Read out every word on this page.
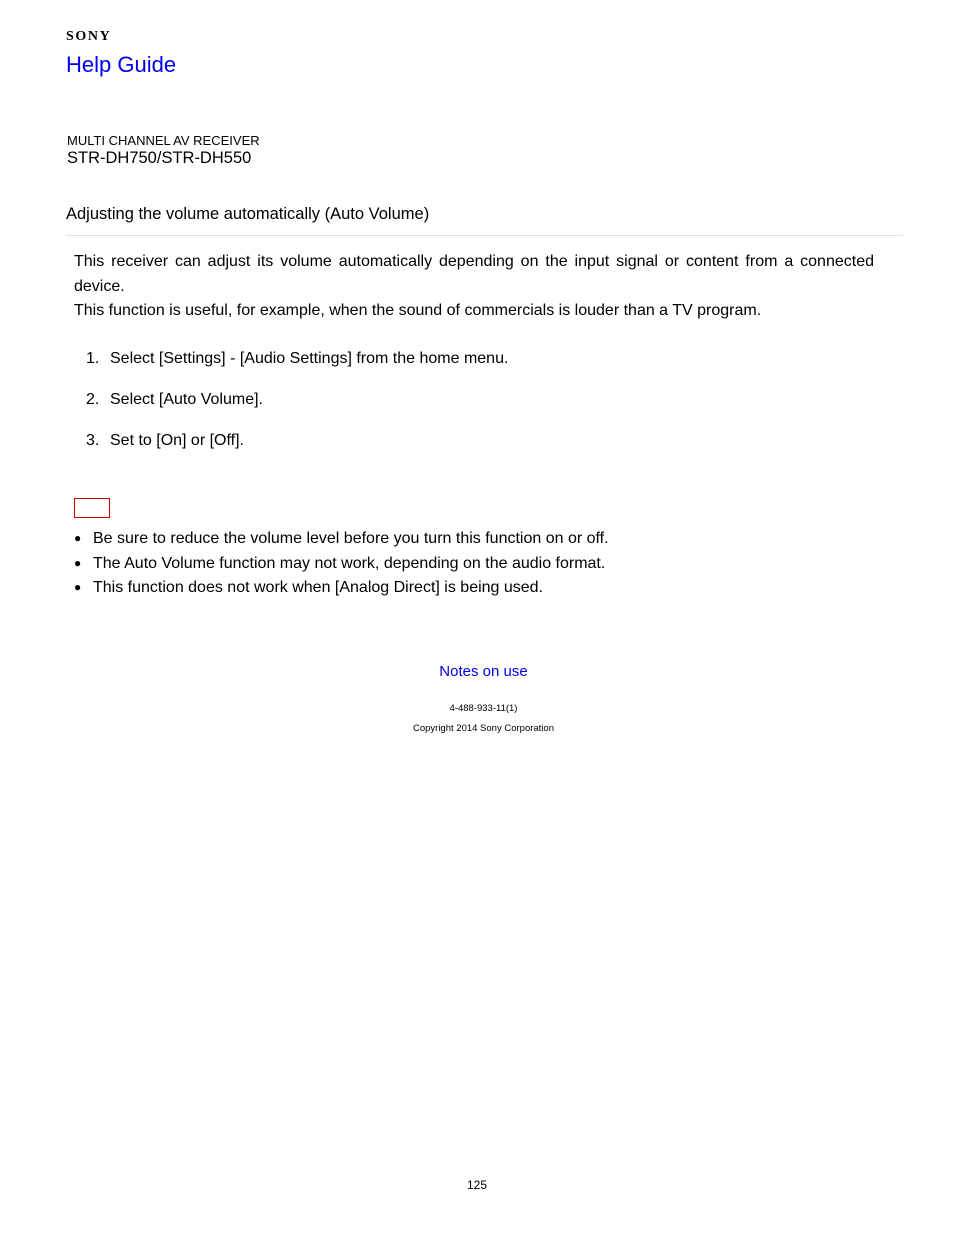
SONY
Help Guide
MULTI CHANNEL AV RECEIVER
STR-DH750/STR-DH550
Adjusting the volume automatically (Auto Volume)

This receiver can adjust its volume automatically depending on the input signal or content from a connected device.

This function is useful, for example, when the sound of commercials is louder than a TV program.

1. Select [Settings] - [Audio Settings] from the home menu.
2. Select [Auto Volume].
3. Set to [On] or [Off].
● Be sure to reduce the volume level before you turn this function on or off.
● The Auto Volume function may not work, depending on the audio format.
● This function does not work when [Analog Direct] is being used.
Notes on use
4-488-933-11(1)
Copyright 2014 Sony Corporation
125
